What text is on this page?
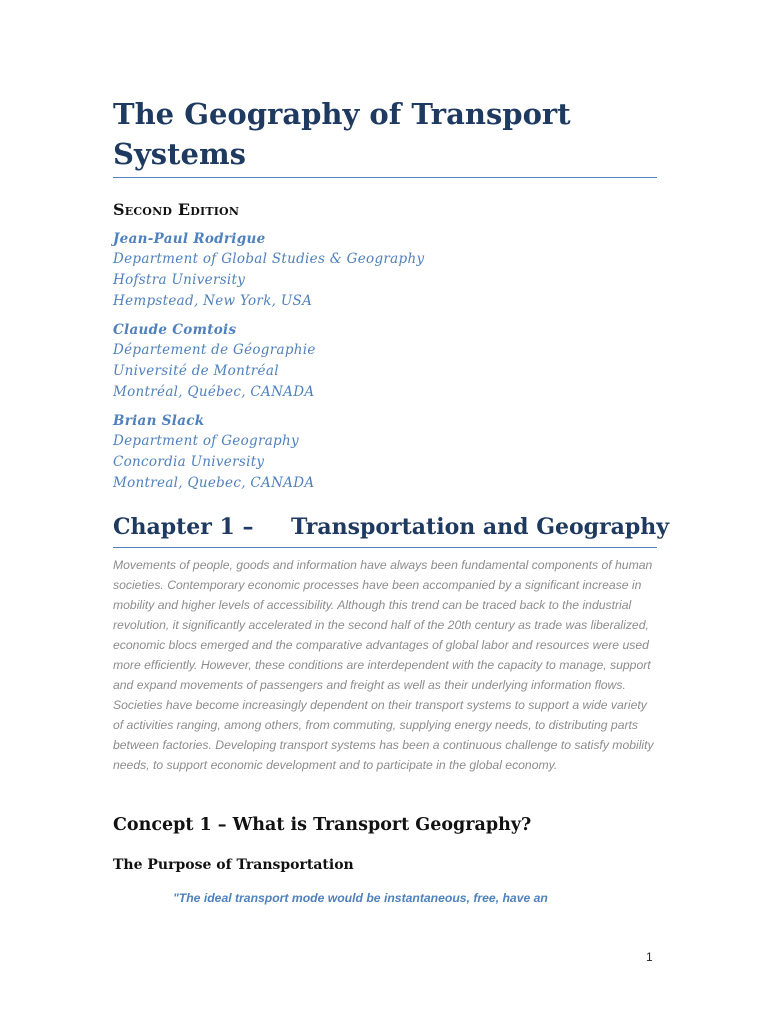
The Geography of Transport Systems
Second Edition

Jean-Paul Rodrigue

Department of Global Studies & Geography

Hofstra University

Hempstead, New York, USA

Claude Comtois

Département de Géographie

Université de Montréal

Montréal, Québec, CANADA

Brian Slack

Department of Geography

Concordia University

Montreal, Quebec, CANADA

Chapter 1 – Transportation and Geography

Movements of people, goods and information have always been fundamental components of human societies. Contemporary economic processes have been accompanied by a significant increase in mobility and higher levels of accessibility. Although this trend can be traced back to the industrial revolution, it significantly accelerated in the second half of the 20th century as trade was liberalized, economic blocs emerged and the comparative advantages of global labor and resources were used more efficiently. However, these conditions are interdependent with the capacity to manage, support and expand movements of passengers and freight as well as their underlying information flows. Societies have become increasingly dependent on their transport systems to support a wide variety of activities ranging, among others, from commuting, supplying energy needs, to distributing parts between factories. Developing transport systems has been a continuous challenge to satisfy mobility needs, to support economic development and to participate in the global economy.

Concept 1 – What is Transport Geography?
The Purpose of Transportation

"The ideal transport mode would be instantaneous, free, have an

1
